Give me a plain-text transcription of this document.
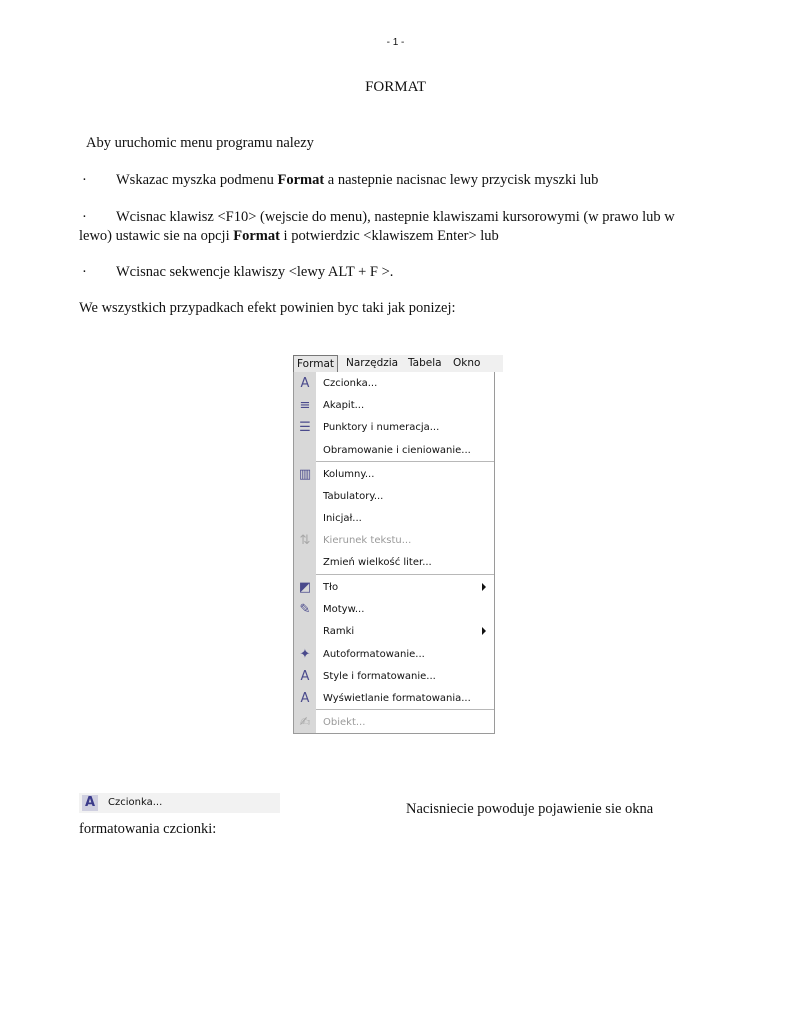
- 1 -
FORMAT
Aby uruchomic menu programu nalezy
· Wskazac myszka podmenu Format a nastepnie nacisnac lewy przycisk myszki lub
· Wcisnac klawisz <F10> (wejscie do menu), nastepnie klawiszami kursorowymi (w prawo lub w
lewo) ustawic sie na opcji Format i potwierdzic <klawiszem Enter> lub
· Wcisnac sekwencje klawiszy <lewy ALT + F >.
We wszystkich przypadkach efekt powinien byc taki jak ponizej:
A	Czcionka...
≡ Akapit...
☰ Punktory i numeracja...
Obramowanie i cieniowanie...
▥ Kolumny...
Tabulatory...
Inicjał...
⇅ Kierunek tekstu...
Zmień wielkość liter...
◩ Tło
✎ Motyw...
Ramki
✦ Autoformatowanie...
A	Style i formatowanie...
A	Wyświetlanie formatowania...
✍ Obiekt...
Format	Narzędzia Tabela Okno
A Czcionka...	Nacisniecie powoduje pojawienie sie okna
formatowania czcionki:
